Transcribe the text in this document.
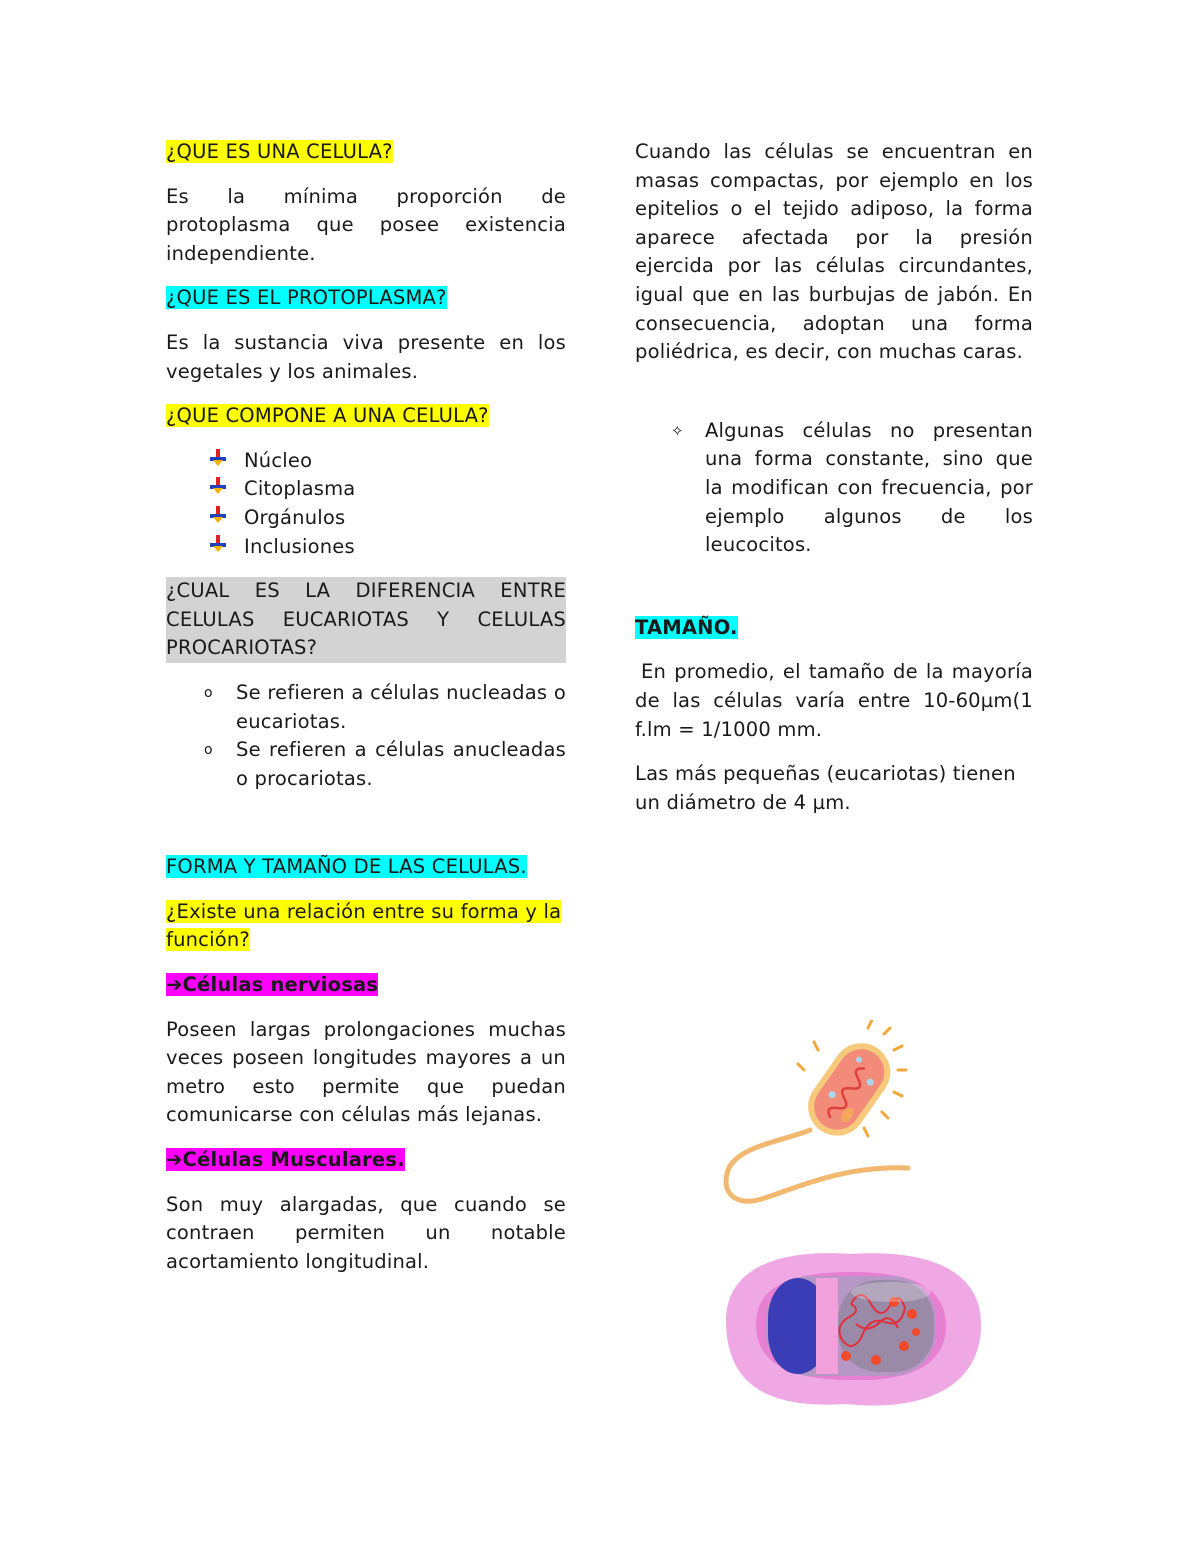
¿QUE ES UNA CELULA?

Es la mínima proporción de protoplasma que posee existencia independiente.

¿QUE ES EL PROTOPLASMA?

Es la sustancia viva presente en los vegetales y los animales.

¿QUE COMPONE A UNA CELULA?
Núcleo
Citoplasma
Orgánulos
Inclusiones
¿CUAL ES LA DIFERENCIA ENTRE CELULAS EUCARIOTAS Y CELULAS PROCARIOTAS?
o	Se refieren a células nucleadas o eucariotas.
o	Se refieren a células anucleadas o procariotas.
FORMA Y TAMAÑO DE LAS CELULAS.
¿Existe una relación entre su forma y la función?
➔Células nerviosas

Poseen largas prolongaciones muchas veces poseen longitudes mayores a un metro esto permite que puedan comunicarse con células más lejanas.

➔Células Musculares.

Son muy alargadas, que cuando se contraen permiten un notable acortamiento longitudinal.

Cuando las células se encuentran en masas compactas, por ejemplo en los epitelios o el tejido adiposo, la forma aparece afectada por la presión ejercida por las células circundantes, igual que en las burbujas de jabón. En consecuencia, adoptan una forma poliédrica, es decir, con muchas caras.

✧	Algunas células no presentan una forma constante, sino que la modifican con frecuencia, por ejemplo algunos de los leucocitos.
TAMAÑO.

En promedio, el tamaño de la mayoría de las células varía entre 10-60µm(1 f.lm = 1/1000 mm.

Las más pequeñas (eucariotas) tienen un diámetro de 4 µm.
